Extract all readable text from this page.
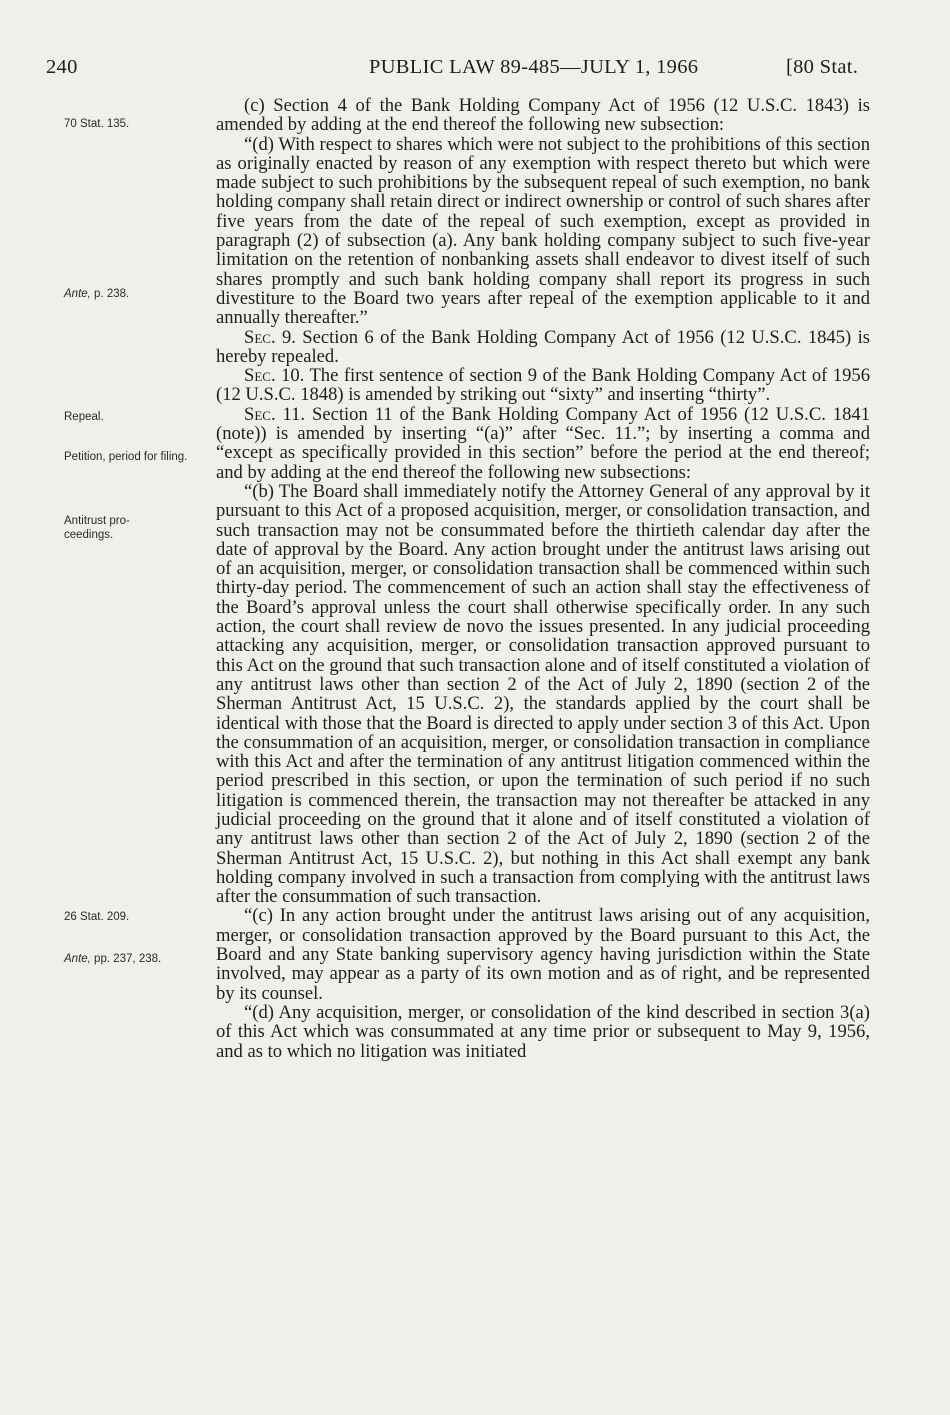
240	PUBLIC LAW 89-485—JULY 1, 1966	[80 Stat.
70 Stat. 135.
Ante, p. 238.
Repeal.
Petition, period for filing.
Antitrust pro- ceedings.
26 Stat. 209.
Ante, pp. 237, 238.

(c) Section 4 of the Bank Holding Company Act of 1956 (12 U.S.C. 1843) is amended by adding at the end thereof the following new subsection:

“(d) With respect to shares which were not subject to the prohibitions of this section as originally enacted by reason of any exemption with respect thereto but which were made subject to such prohibitions by the subsequent repeal of such exemption, no bank holding company shall retain direct or indirect ownership or control of such shares after five years from the date of the repeal of such exemption, except as provided in paragraph (2) of subsection (a). Any bank holding company subject to such five-year limitation on the retention of nonbanking assets shall endeavor to divest itself of such shares promptly and such bank holding company shall report its progress in such divestiture to the Board two years after repeal of the exemption applicable to it and annually thereafter.”

Sec. 9. Section 6 of the Bank Holding Company Act of 1956 (12 U.S.C. 1845) is hereby repealed.

Sec. 10. The first sentence of section 9 of the Bank Holding Company Act of 1956 (12 U.S.C. 1848) is amended by striking out “sixty” and inserting “thirty”.

Sec. 11. Section 11 of the Bank Holding Company Act of 1956 (12 U.S.C. 1841 (note)) is amended by inserting “(a)” after “Sec. 11.”; by inserting a comma and “except as specifically provided in this section” before the period at the end thereof; and by adding at the end thereof the following new subsections:

“(b) The Board shall immediately notify the Attorney General of any approval by it pursuant to this Act of a proposed acquisition, merger, or consolidation transaction, and such transaction may not be consummated before the thirtieth calendar day after the date of approval by the Board. Any action brought under the antitrust laws arising out of an acquisition, merger, or consolidation transaction shall be commenced within such thirty-day period. The commencement of such an action shall stay the effectiveness of the Board’s approval unless the court shall otherwise specifically order. In any such action, the court shall review de novo the issues presented. In any judicial proceeding attacking any acquisition, merger, or consolidation transaction approved pursuant to this Act on the ground that such transaction alone and of itself constituted a violation of any antitrust laws other than section 2 of the Act of July 2, 1890 (section 2 of the Sherman Antitrust Act, 15 U.S.C. 2), the standards applied by the court shall be identical with those that the Board is directed to apply under section 3 of this Act. Upon the consummation of an acquisition, merger, or consolidation transaction in compliance with this Act and after the termination of any antitrust litigation commenced within the period prescribed in this section, or upon the termination of such period if no such litigation is commenced therein, the transaction may not thereafter be attacked in any judicial proceeding on the ground that it alone and of itself constituted a violation of any antitrust laws other than section 2 of the Act of July 2, 1890 (section 2 of the Sherman Antitrust Act, 15 U.S.C. 2), but nothing in this Act shall exempt any bank holding company involved in such a transaction from complying with the antitrust laws after the consummation of such transaction.

“(c) In any action brought under the antitrust laws arising out of any acquisition, merger, or consolidation transaction approved by the Board pursuant to this Act, the Board and any State banking supervisory agency having jurisdiction within the State involved, may appear as a party of its own motion and as of right, and be represented by its counsel.

“(d) Any acquisition, merger, or consolidation of the kind described in section 3(a) of this Act which was consummated at any time prior or subsequent to May 9, 1956, and as to which no litigation was initiated
